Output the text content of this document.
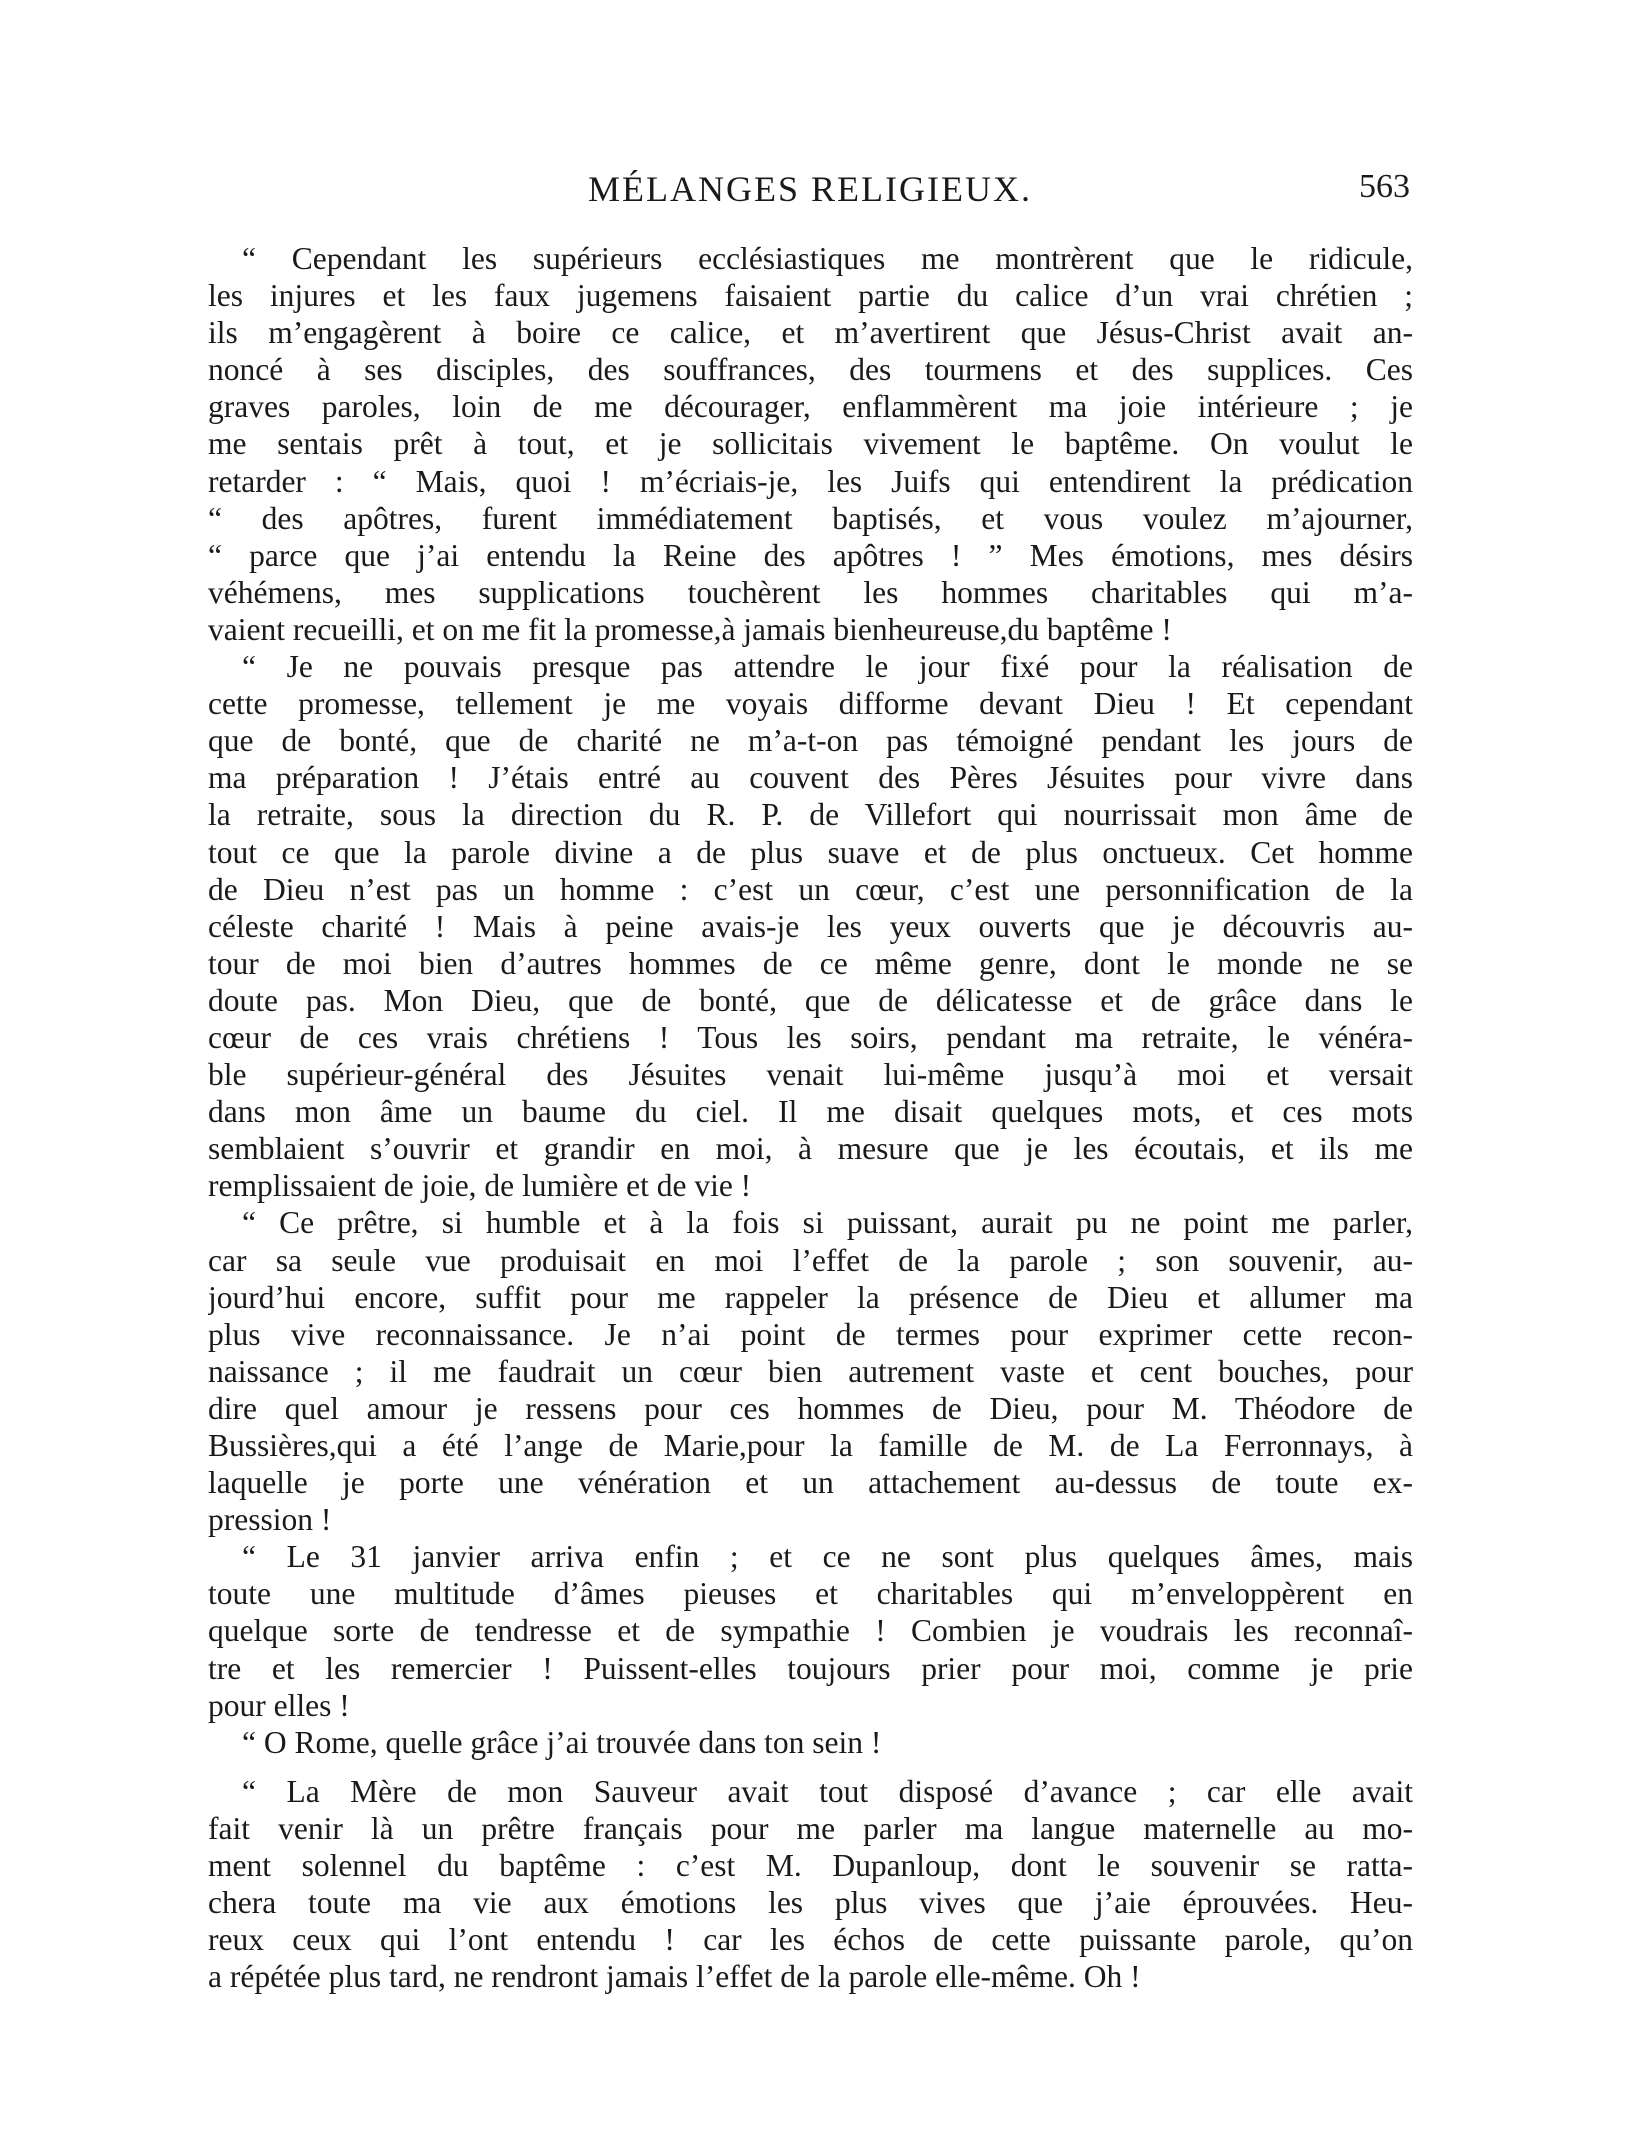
MÉLANGES RELIGIEUX.	563
“ Cependant les supérieurs ecclésiastiques me montrèrent que le ridicule,
les injures et les faux jugemens faisaient partie du calice d’un vrai chrétien ;
ils m’engagèrent à boire ce calice, et m’avertirent que Jésus-Christ avait an-
noncé à ses disciples, des souffrances, des tourmens et des supplices. Ces
graves paroles, loin de me décourager, enflammèrent ma joie intérieure ; je
me sentais prêt à tout, et je sollicitais vivement le baptême. On voulut le
retarder : “ Mais, quoi ! m’écriais-je, les Juifs qui entendirent la prédication
“ des apôtres, furent immédiatement baptisés, et vous voulez m’ajourner,
“ parce que j’ai entendu la Reine des apôtres ! ” Mes émotions, mes désirs
véhémens, mes supplications touchèrent les hommes charitables qui m’a-
vaient recueilli, et on me fit la promesse,à jamais bienheureuse,du baptême !
“ Je ne pouvais presque pas attendre le jour fixé pour la réalisation de
cette promesse, tellement je me voyais difforme devant Dieu ! Et cependant
que de bonté, que de charité ne m’a-t-on pas témoigné pendant les jours de
ma préparation ! J’étais entré au couvent des Pères Jésuites pour vivre dans
la retraite, sous la direction du R. P. de Villefort qui nourrissait mon âme de
tout ce que la parole divine a de plus suave et de plus onctueux. Cet homme
de Dieu n’est pas un homme : c’est un cœur, c’est une personnification de la
céleste charité ! Mais à peine avais-je les yeux ouverts que je découvris au-
tour de moi bien d’autres hommes de ce même genre, dont le monde ne se
doute pas. Mon Dieu, que de bonté, que de délicatesse et de grâce dans le
cœur de ces vrais chrétiens ! Tous les soirs, pendant ma retraite, le vénéra-
ble supérieur-général des Jésuites venait lui-même jusqu’à moi et versait
dans mon âme un baume du ciel. Il me disait quelques mots, et ces mots
semblaient s’ouvrir et grandir en moi, à mesure que je les écoutais, et ils me
remplissaient de joie, de lumière et de vie !
“ Ce prêtre, si humble et à la fois si puissant, aurait pu ne point me parler,
car sa seule vue produisait en moi l’effet de la parole ; son souvenir, au-
jourd’hui encore, suffit pour me rappeler la présence de Dieu et allumer ma
plus vive reconnaissance. Je n’ai point de termes pour exprimer cette recon-
naissance ; il me faudrait un cœur bien autrement vaste et cent bouches, pour
dire quel amour je ressens pour ces hommes de Dieu, pour M. Théodore de
Bussières,qui a été l’ange de Marie,pour la famille de M. de La Ferronnays, à
laquelle je porte une vénération et un attachement au-dessus de toute ex-
pression !
“ Le 31 janvier arriva enfin ; et ce ne sont plus quelques âmes, mais
toute une multitude d’âmes pieuses et charitables qui m’enveloppèrent en
quelque sorte de tendresse et de sympathie ! Combien je voudrais les reconnaî-
tre et les remercier ! Puissent-elles toujours prier pour moi, comme je prie
pour elles !
“ O Rome, quelle grâce j’ai trouvée dans ton sein !
“ La Mère de mon Sauveur avait tout disposé d’avance ; car elle avait
fait venir là un prêtre français pour me parler ma langue maternelle au mo-
ment solennel du baptême : c’est M. Dupanloup, dont le souvenir se ratta-
chera toute ma vie aux émotions les plus vives que j’aie éprouvées. Heu-
reux ceux qui l’ont entendu ! car les échos de cette puissante parole, qu’on
a répétée plus tard, ne rendront jamais l’effet de la parole elle-même. Oh !
